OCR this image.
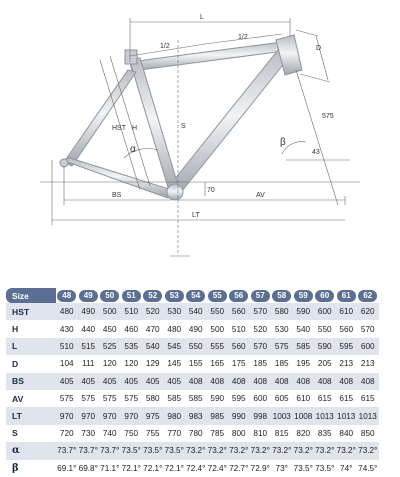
L
1/2
1/2
D
575
HST H	S
α
β
43
70
BS	AV
LT
Size	48	49	50	51	52	53	54	55	56	57	58	59	60	61	62
HST	480	490	500	510	520	530	540	550	560	570	580	590	600	610	620
H	430	440	450	460	470	480	490	500	510	520	530	540	550	560	570
L	510	515	525	535	540	545	550	555	560	570	575	585	590	595	600
D	104	111	120	120	129	145	155	165	175	185	185	195	205	213	213
BS	405	405	405	405	405	405	408	408	408	408	408	408	408	408	408
AV	575	575	575	575	580	585	585	590	595	600	605	610	615	615	615
LT	970	970	970	970	975	980	983	985	990	998	1003	1008	1013	1013	1013
S	720	730	740	750	755	770	780	785	800	810	815	820	835	840	850
α	73.7°	73.7°	73.7°	73.5°	73.5°	73.5°	73.2°	73.2°	73.2°	73.2°	73.2°	73.2°	73.2°	73.2°	73.2°
β	69.1°	69.8°	71.1°	72.1°	72.1°	72.1°	72.4°	72.4°	72.7°	72.9°	73°	73.5°	73.5°	74°	74.5°
